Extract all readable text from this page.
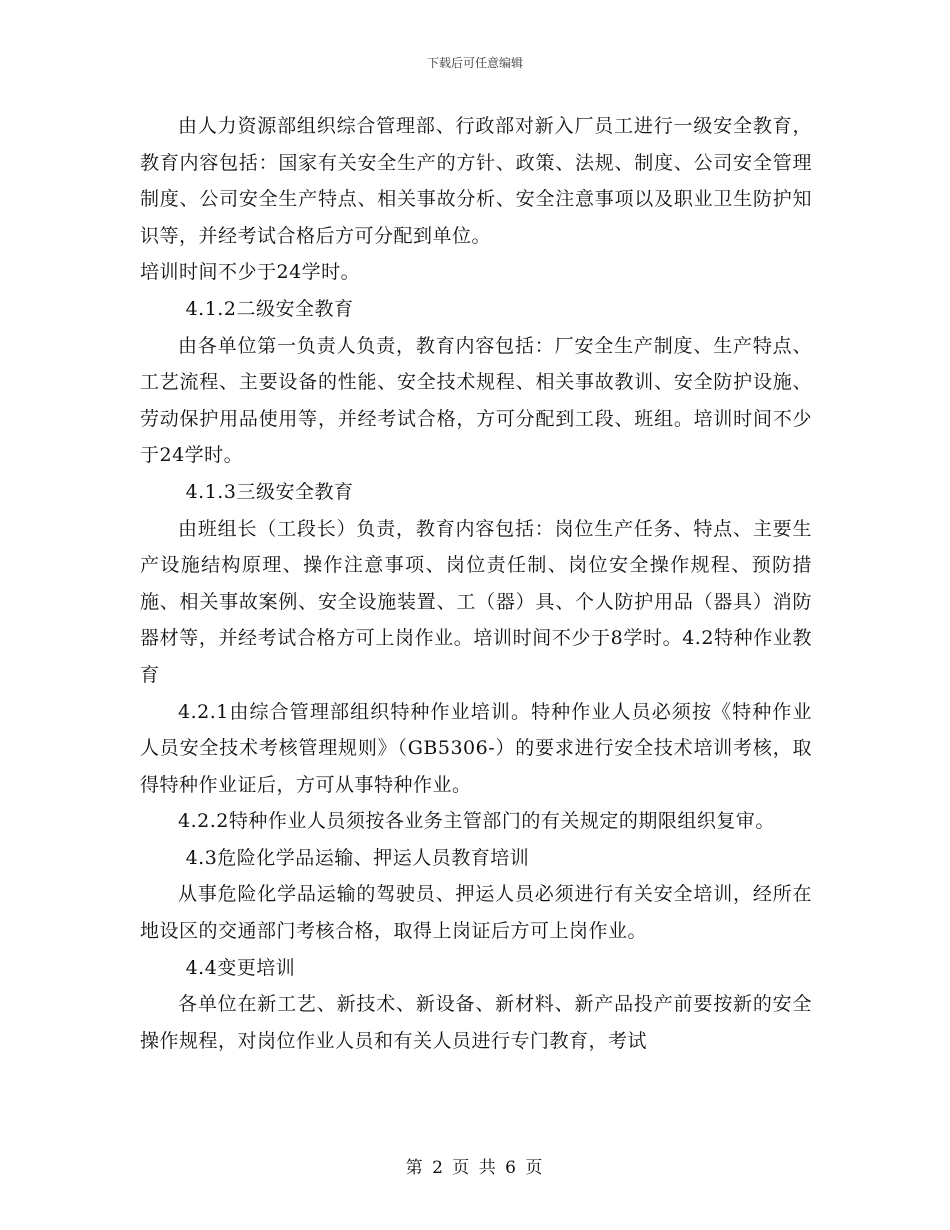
下载后可任意编辑

由人力资源部组织综合管理部、行政部对新入厂员工进行一级安全教育，教育内容包括：国家有关安全生产的方针、政策、法规、制度、公司安全管理制度、公司安全生产特点、相关事故分析、安全注意事项以及职业卫生防护知识等，并经考试合格后方可分配到单位。

培训时间不少于24学时。

4.1.2二级安全教育

由各单位第一负责人负责，教育内容包括：厂安全生产制度、生产特点、工艺流程、主要设备的性能、安全技术规程、相关事故教训、安全防护设施、劳动保护用品使用等，并经考试合格，方可分配到工段、班组。培训时间不少于24学时。

4.1.3三级安全教育

由班组长（工段长）负责，教育内容包括：岗位生产任务、特点、主要生产设施结构原理、操作注意事项、岗位责任制、岗位安全操作规程、预防措施、相关事故案例、安全设施装置、工（器）具、个人防护用品（器具）消防器材等，并经考试合格方可上岗作业。培训时间不少于8学时。4.2特种作业教育

4.2.1由综合管理部组织特种作业培训。特种作业人员必须按《特种作业人员安全技术考核管理规则》（GB5306-）的要求进行安全技术培训考核，取得特种作业证后，方可从事特种作业。

4.2.2特种作业人员须按各业务主管部门的有关规定的期限组织复审。

4.3危险化学品运输、押运人员教育培训

从事危险化学品运输的驾驶员、押运人员必须进行有关安全培训，经所在地设区的交通部门考核合格，取得上岗证后方可上岗作业。

4.4变更培训

各单位在新工艺、新技术、新设备、新材料、新产品投产前要按新的安全操作规程，对岗位作业人员和有关人员进行专门教育，考试

第 2 页 共 6 页
